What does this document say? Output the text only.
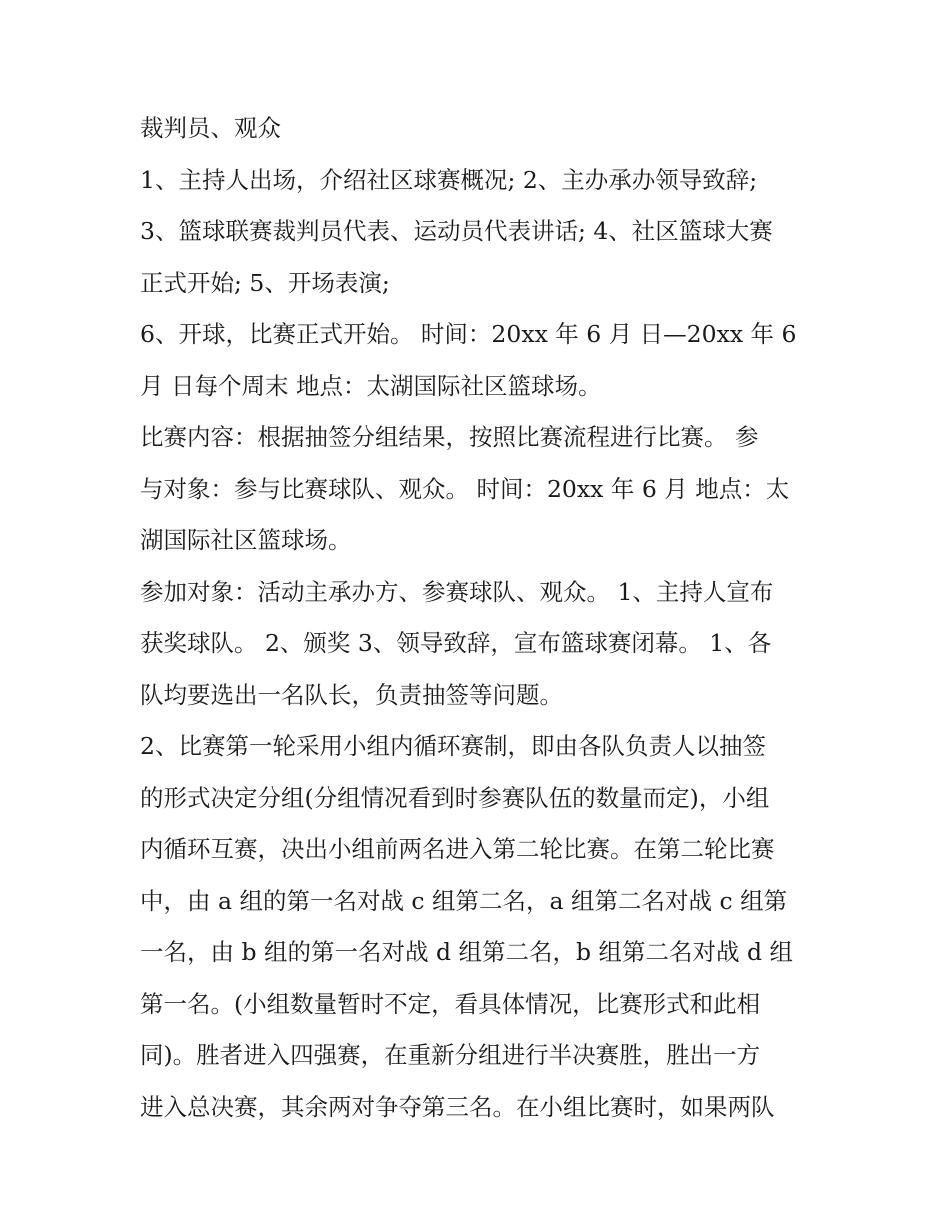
裁判员、观众
1、主持人出场，介绍社区球赛概况; 2、主办承办领导致辞;
3、篮球联赛裁判员代表、运动员代表讲话; 4、社区篮球大赛
正式开始; 5、开场表演;
6、开球，比赛正式开始。 时间：20xx 年 6 月 日—20xx 年 6
月 日每个周末 地点：太湖国际社区篮球场。
比赛内容：根据抽签分组结果，按照比赛流程进行比赛。 参
与对象：参与比赛球队、观众。 时间：20xx 年 6 月 地点：太
湖国际社区篮球场。
参加对象：活动主承办方、参赛球队、观众。 1、主持人宣布
获奖球队。 2、颁奖 3、领导致辞，宣布篮球赛闭幕。 1、各
队均要选出一名队长，负责抽签等问题。
2、比赛第一轮采用小组内循环赛制，即由各队负责人以抽签
的形式决定分组(分组情况看到时参赛队伍的数量而定)，小组
内循环互赛，决出小组前两名进入第二轮比赛。在第二轮比赛
中，由 a 组的第一名对战 c 组第二名，a 组第二名对战 c 组第
一名，由 b 组的第一名对战 d 组第二名，b 组第二名对战 d 组
第一名。(小组数量暂时不定，看具体情况，比赛形式和此相
同)。胜者进入四强赛，在重新分组进行半决赛胜，胜出一方
进入总决赛，其余两对争夺第三名。在小组比赛时，如果两队
